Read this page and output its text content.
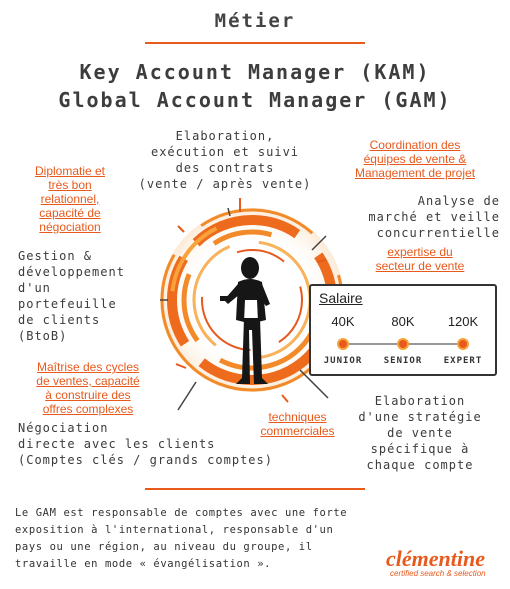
Métier
Key Account Manager (KAM)
Global Account Manager (GAM)
Elaboration,
exécution et suivi
des contrats
(vente / après vente)
Coordination des
équipes de vente &
Management de projet
Diplomatie et
très bon
relationnel,
capacité de
négociation
Analyse de
marché et veille
concurrentielle
expertise du
secteur de vente
Gestion &
développement
d'un
portefeuille
de clients
(BtoB)
Salaire
40K	80K	120K
JUNIOR	SENIOR	EXPERT
Maîtrise des cycles
de ventes, capacité
à construire des
offres complexes
techniques
commerciales
Elaboration
d'une stratégie
de vente
spécifique à
chaque compte
Négociation
directe avec les clients
(Comptes clés / grands comptes)
Le GAM est responsable de comptes avec une forte
exposition à l'international, responsable d'un
pays ou une région, au niveau du groupe, il
travaille en mode « évangélisation ».	clémentine
certified search & selection
